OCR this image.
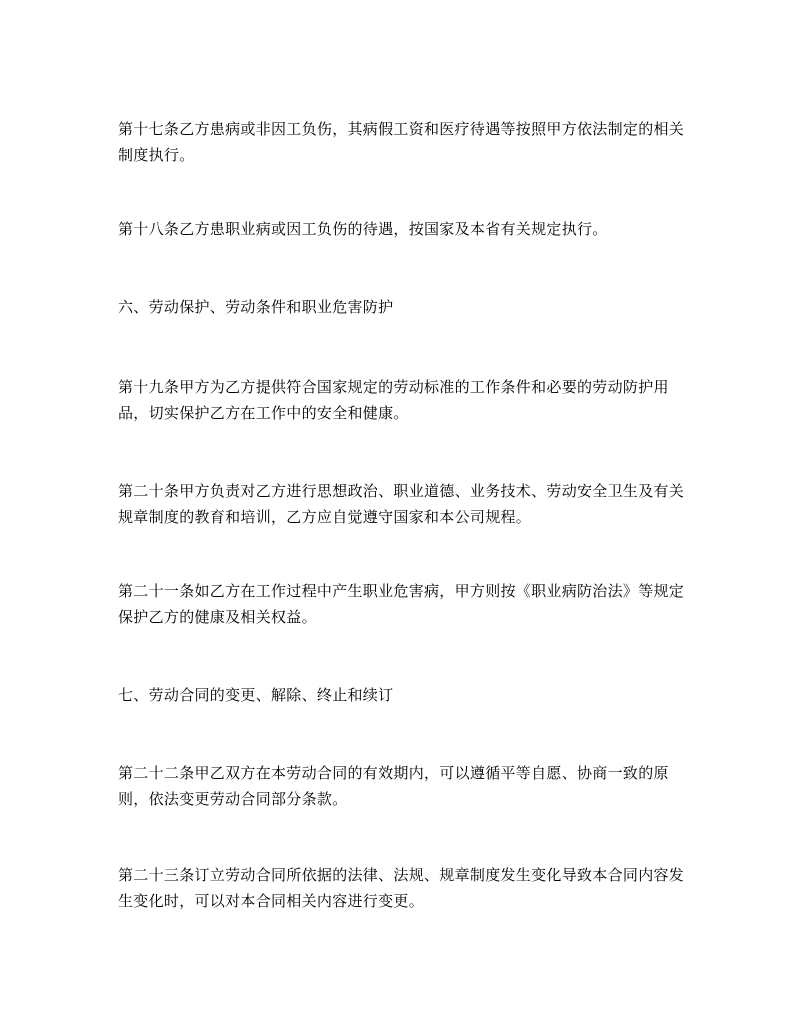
第十七条乙方患病或非因工负伤，其病假工资和医疗待遇等按照甲方依法制定的相关制度执行。

第十八条乙方患职业病或因工负伤的待遇，按国家及本省有关规定执行。

六、劳动保护、劳动条件和职业危害防护

第十九条甲方为乙方提供符合国家规定的劳动标准的工作条件和必要的劳动防护用品，切实保护乙方在工作中的安全和健康。

第二十条甲方负责对乙方进行思想政治、职业道德、业务技术、劳动安全卫生及有关规章制度的教育和培训，乙方应自觉遵守国家和本公司规程。

第二十一条如乙方在工作过程中产生职业危害病，甲方则按《职业病防治法》等规定保护乙方的健康及相关权益。

七、劳动合同的变更、解除、终止和续订

第二十二条甲乙双方在本劳动合同的有效期内，可以遵循平等自愿、协商一致的原则，依法变更劳动合同部分条款。

第二十三条订立劳动合同所依据的法律、法规、规章制度发生变化导致本合同内容发生变化时，可以对本合同相关内容进行变更。
